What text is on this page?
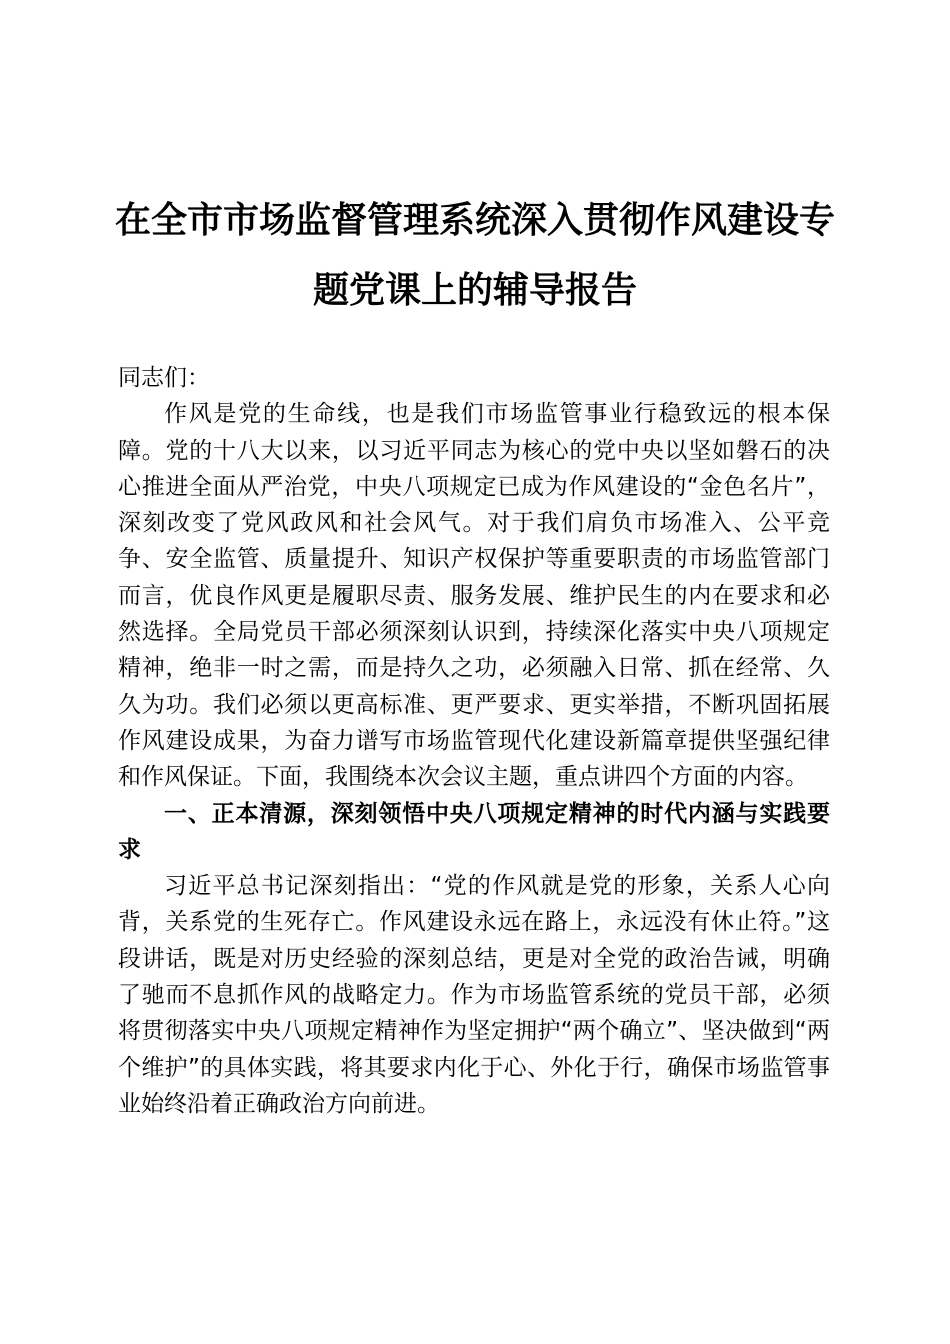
在全市市场监督管理系统深入贯彻作风建设专
题党课上的辅导报告

同志们：

作风是党的生命线，也是我们市场监管事业行稳致远的根本保障。党的十八大以来，以习近平同志为核心的党中央以坚如磐石的决心推进全面从严治党，中央八项规定已成为作风建设的“金色名片”，深刻改变了党风政风和社会风气。对于我们肩负市场准入、公平竞争、安全监管、质量提升、知识产权保护等重要职责的市场监管部门而言，优良作风更是履职尽责、服务发展、维护民生的内在要求和必然选择。全局党员干部必须深刻认识到，持续深化落实中央八项规定精神，绝非一时之需，而是持久之功，必须融入日常、抓在经常、久久为功。我们必须以更高标准、更严要求、更实举措，不断巩固拓展作风建设成果，为奋力谱写市场监管现代化建设新篇章提供坚强纪律和作风保证。下面，我围绕本次会议主题，重点讲四个方面的内容。

一、正本清源，深刻领悟中央八项规定精神的时代内涵与实践要求

习近平总书记深刻指出：“党的作风就是党的形象，关系人心向背，关系党的生死存亡。作风建设永远在路上，永远没有休止符。”这段讲话，既是对历史经验的深刻总结，更是对全党的政治告诫，明确了驰而不息抓作风的战略定力。作为市场监管系统的党员干部，必须将贯彻落实中央八项规定精神作为坚定拥护“两个确立”、坚决做到“两个维护”的具体实践，将其要求内化于心、外化于行，确保市场监管事业始终沿着正确政治方向前进。
